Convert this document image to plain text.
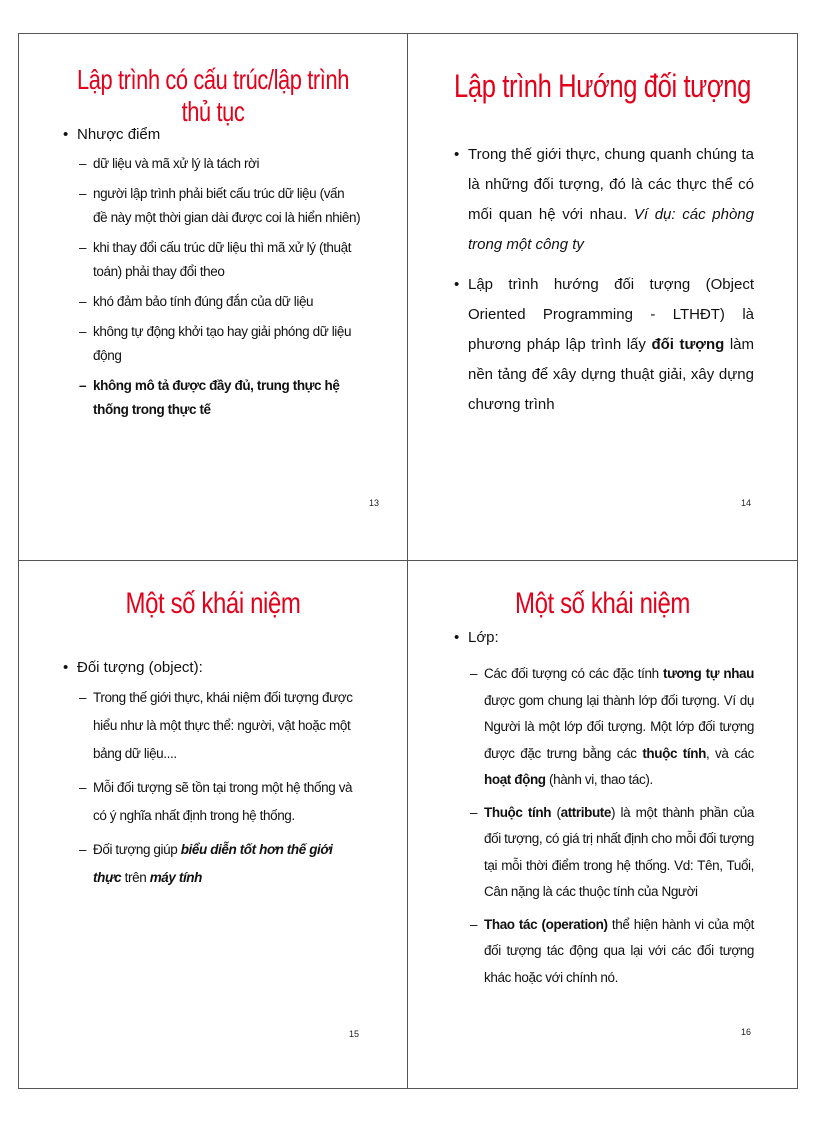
Lập trình có cấu trúc/lập trình thủ tục
• Nhược điểm
– dữ liệu và mã xử lý là tách rời
– người lập trình phải biết cấu trúc dữ liệu (vấn đề này một thời gian dài được coi là hiển nhiên)
– khi thay đổi cấu trúc dữ liệu thì mã xử lý (thuật toán) phải thay đổi theo
– khó đảm bảo tính đúng đắn của dữ liệu
– không tự động khởi tạo hay giải phóng dữ liệu động
– không mô tả được đầy đủ, trung thực hệ thống trong thực tế
13
Lập trình Hướng đối tượng
• Trong thế giới thực, chung quanh chúng ta là những đối tượng, đó là các thực thể có mối quan hệ với nhau. Ví dụ: các phòng trong một công ty
• Lập trình hướng đối tượng (Object Oriented Programming - LTHĐT) là phương pháp lập trình lấy đối tượng làm nền tảng để xây dựng thuật giải, xây dựng chương trình
14
Một số khái niệm
• Đối tượng (object):
– Trong thế giới thực, khái niệm đối tượng được hiểu như là một thực thể: người, vật hoặc một bảng dữ liệu....
– Mỗi đối tượng sẽ tồn tại trong một hệ thống và có ý nghĩa nhất định trong hệ thống.
– Đối tượng giúp biểu diễn tốt hơn thế giới thực trên máy tính
15
Một số khái niệm
• Lớp:
– Các đối tượng có các đặc tính tương tự nhau được gom chung lại thành lớp đối tượng. Ví dụ Người là một lớp đối tượng. Một lớp đối tượng được đặc trưng bằng các thuộc tính, và các hoạt động (hành vi, thao tác).
– Thuộc tính (attribute) là một thành phần của đối tượng, có giá trị nhất định cho mỗi đối tượng tại mỗi thời điểm trong hệ thống. Vd: Tên, Tuổi, Cân nặng là các thuộc tính của Người
– Thao tác (operation) thể hiện hành vi của một đối tượng tác động qua lại với các đối tượng khác hoặc với chính nó.
16
